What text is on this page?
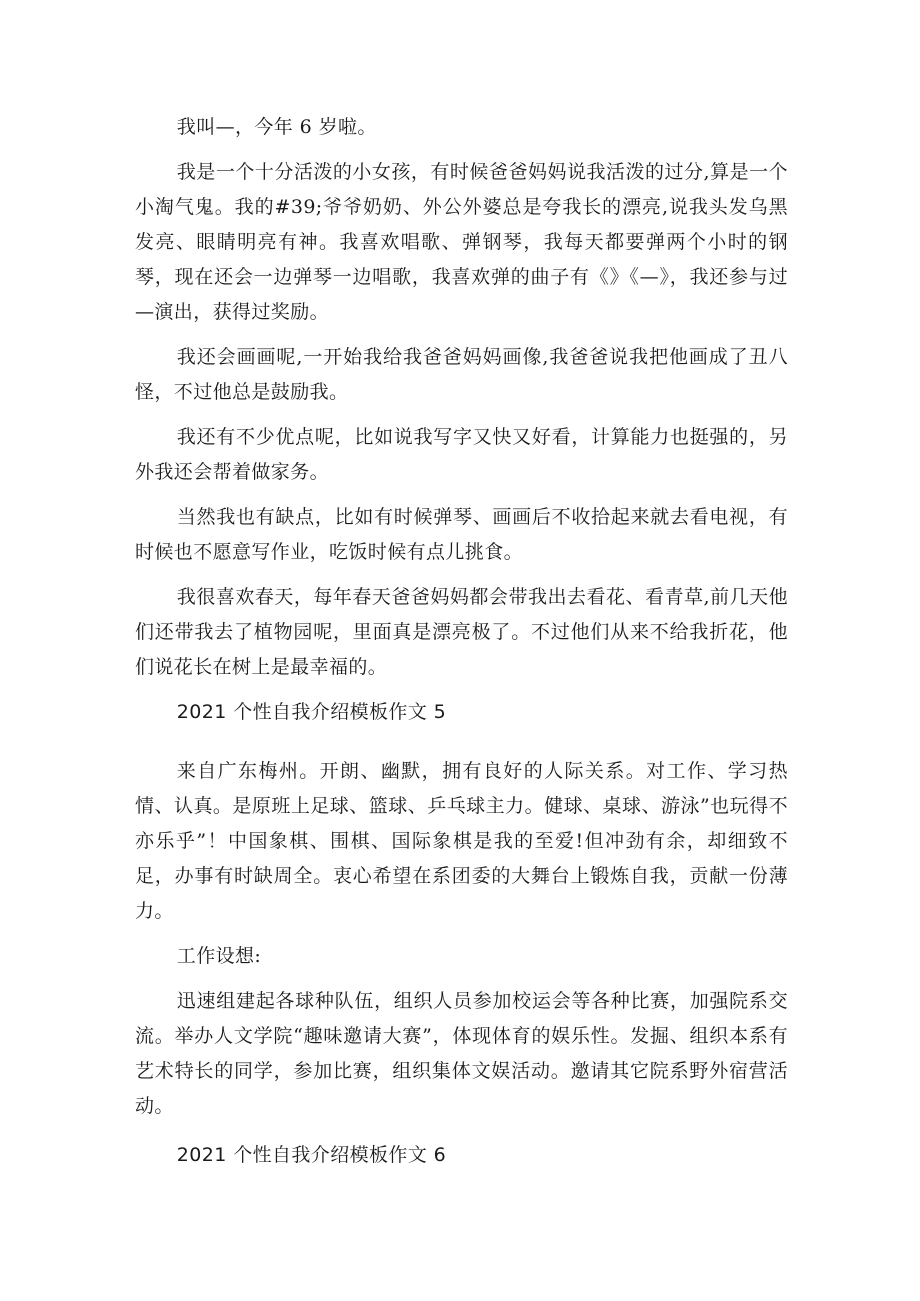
我叫—，今年 6 岁啦。

我是一个十分活泼的小女孩，有时候爸爸妈妈说我活泼的过分,算是一个小淘气鬼。我的#39;爷爷奶奶、外公外婆总是夸我长的漂亮,说我头发乌黑发亮、眼睛明亮有神。我喜欢唱歌、弹钢琴，我每天都要弹两个小时的钢琴，现在还会一边弹琴一边唱歌，我喜欢弹的曲子有《》《—》，我还参与过—演出，获得过奖励。

我还会画画呢,一开始我给我爸爸妈妈画像,我爸爸说我把他画成了丑八怪，不过他总是鼓励我。

我还有不少优点呢，比如说我写字又快又好看，计算能力也挺强的，另外我还会帮着做家务。

当然我也有缺点，比如有时候弹琴、画画后不收拾起来就去看电视，有时候也不愿意写作业，吃饭时候有点儿挑食。

我很喜欢春天，每年春天爸爸妈妈都会带我出去看花、看青草,前几天他们还带我去了植物园呢，里面真是漂亮极了。不过他们从来不给我折花，他们说花长在树上是最幸福的。

2021 个性自我介绍模板作文 5

来自广东梅州。开朗、幽默，拥有良好的人际关系。对工作、学习热情、认真。是原班上足球、篮球、乒乓球主力。健球、桌球、游泳”也玩得不亦乐乎”！中国象棋、围棋、国际象棋是我的至爱!但冲劲有余，却细致不足，办事有时缺周全。衷心希望在系团委的大舞台上锻炼自我，贡献一份薄力。

工作设想:

迅速组建起各球种队伍，组织人员参加校运会等各种比赛，加强院系交流。举办人文学院“趣味邀请大赛”，体现体育的娱乐性。发掘、组织本系有艺术特长的同学，参加比赛，组织集体文娱活动。邀请其它院系野外宿营活动。

2021 个性自我介绍模板作文 6
